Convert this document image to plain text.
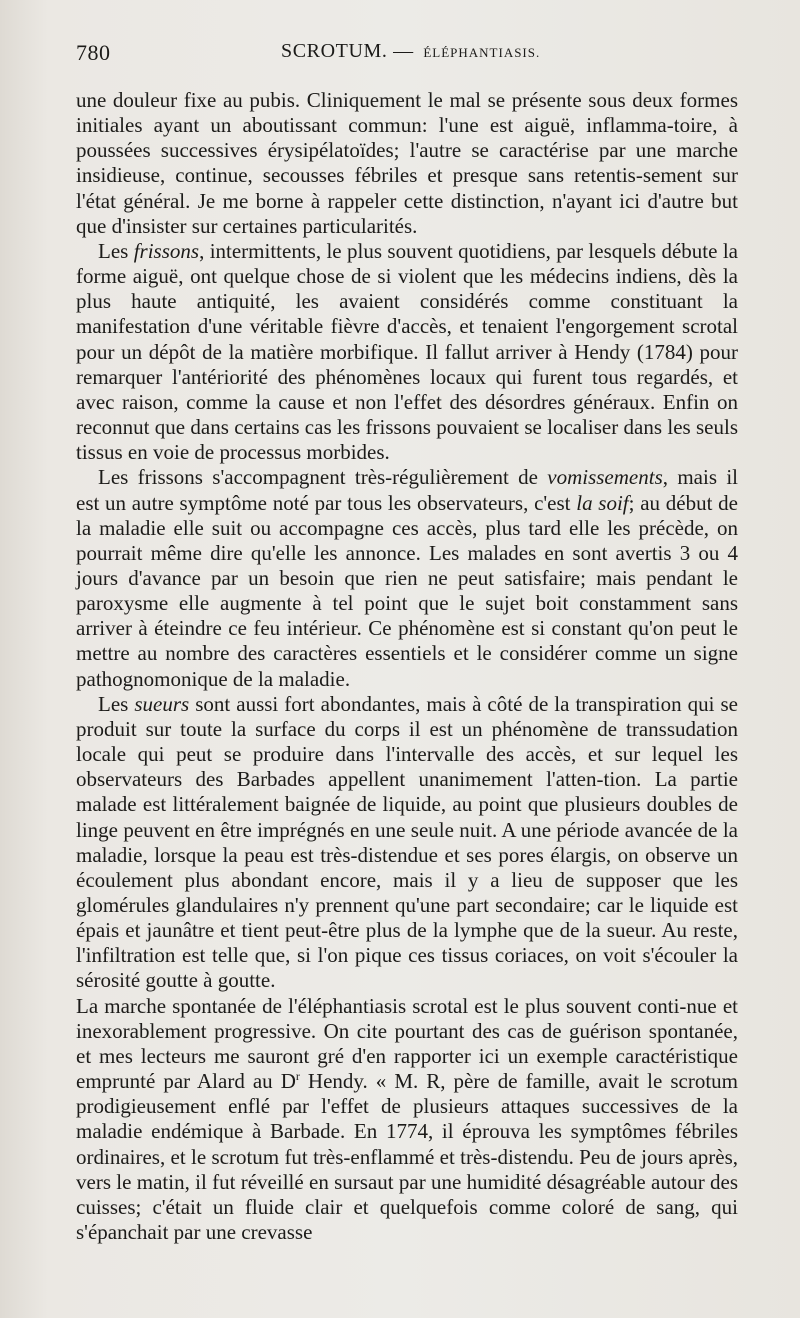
780	SCROTUM. — ÉLÉPHANTIASIS.

une douleur fixe au pubis. Cliniquement le mal se présente sous deux formes initiales ayant un aboutissant commun: l'une est aiguë, inflamma-toire, à poussées successives érysipélatoïdes; l'autre se caractérise par une marche insidieuse, continue, secousses fébriles et presque sans retentis-sement sur l'état général. Je me borne à rappeler cette distinction, n'ayant ici d'autre but que d'insister sur certaines particularités.

Les frissons, intermittents, le plus souvent quotidiens, par lesquels débute la forme aiguë, ont quelque chose de si violent que les médecins indiens, dès la plus haute antiquité, les avaient considérés comme constituant la manifestation d'une véritable fièvre d'accès, et tenaient l'engorgement scrotal pour un dépôt de la matière morbifique. Il fallut arriver à Hendy (1784) pour remarquer l'antériorité des phénomènes locaux qui furent tous regardés, et avec raison, comme la cause et non l'effet des désordres généraux. Enfin on reconnut que dans certains cas les frissons pouvaient se localiser dans les seuls tissus en voie de processus morbides.

Les frissons s'accompagnent très-régulièrement de vomissements, mais il est un autre symptôme noté par tous les observateurs, c'est la soif; au début de la maladie elle suit ou accompagne ces accès, plus tard elle les précède, on pourrait même dire qu'elle les annonce. Les malades en sont avertis 3 ou 4 jours d'avance par un besoin que rien ne peut satisfaire; mais pendant le paroxysme elle augmente à tel point que le sujet boit constamment sans arriver à éteindre ce feu intérieur. Ce phénomène est si constant qu'on peut le mettre au nombre des caractères essentiels et le considérer comme un signe pathognomonique de la maladie.

Les sueurs sont aussi fort abondantes, mais à côté de la transpiration qui se produit sur toute la surface du corps il est un phénomène de transsudation locale qui peut se produire dans l'intervalle des accès, et sur lequel les observateurs des Barbades appellent unanimement l'atten-tion. La partie malade est littéralement baignée de liquide, au point que plusieurs doubles de linge peuvent en être imprégnés en une seule nuit. A une période avancée de la maladie, lorsque la peau est très-distendue et ses pores élargis, on observe un écoulement plus abondant encore, mais il y a lieu de supposer que les glomérules glandulaires n'y prennent qu'une part secondaire; car le liquide est épais et jaunâtre et tient peut-être plus de la lymphe que de la sueur. Au reste, l'infiltration est telle que, si l'on pique ces tissus coriaces, on voit s'écouler la sérosité goutte à goutte.

La marche spontanée de l'éléphantiasis scrotal est le plus souvent conti-nue et inexorablement progressive. On cite pourtant des cas de guérison spontanée, et mes lecteurs me sauront gré d'en rapporter ici un exemple caractéristique emprunté par Alard au $D^r$ Hendy. « M. R, père de famille, avait le scrotum prodigieusement enflé par l'effet de plusieurs attaques successives de la maladie endémique à Barbade. En 1774, il éprouva les symptômes fébriles ordinaires, et le scrotum fut très-enflammé et très-distendu. Peu de jours après, vers le matin, il fut réveillé en sursaut par une humidité désagréable autour des cuisses; c'était un fluide clair et quelquefois comme coloré de sang, qui s'épanchait par une crevasse
